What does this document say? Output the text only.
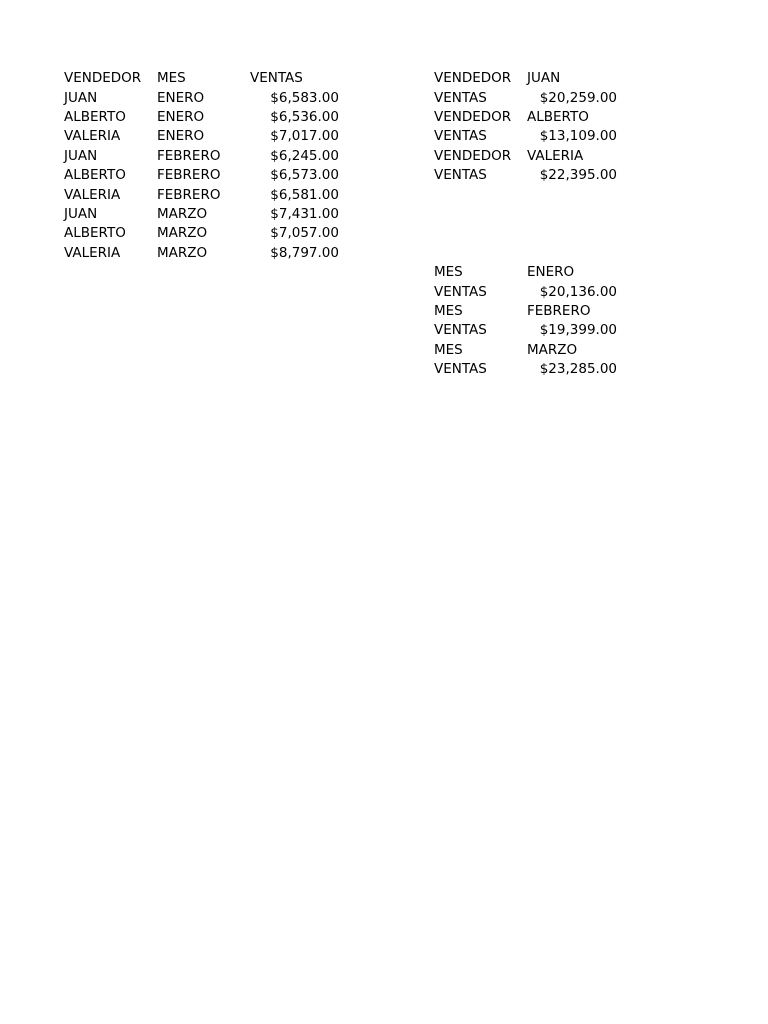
VENDEDOR MES	VENTAS
JUAN	ENERO	$6,583.00
ALBERTO ENERO	$6,536.00
VALERIA	ENERO	$7,017.00
JUAN	FEBRERO	$6,245.00
ALBERTO FEBRERO	$6,573.00
VALERIA	FEBRERO	$6,581.00
JUAN	MARZO	$7,431.00
ALBERTO MARZO	$7,057.00
VALERIA	MARZO	$8,797.00
VENDEDOR JUAN
VENTAS	$20,259.00
VENDEDOR ALBERTO
VENTAS	$13,109.00
VENDEDOR VALERIA
VENTAS	$22,395.00
MES	ENERO
VENTAS	$20,136.00
MES	FEBRERO
VENTAS	$19,399.00
MES	MARZO
VENTAS	$23,285.00
